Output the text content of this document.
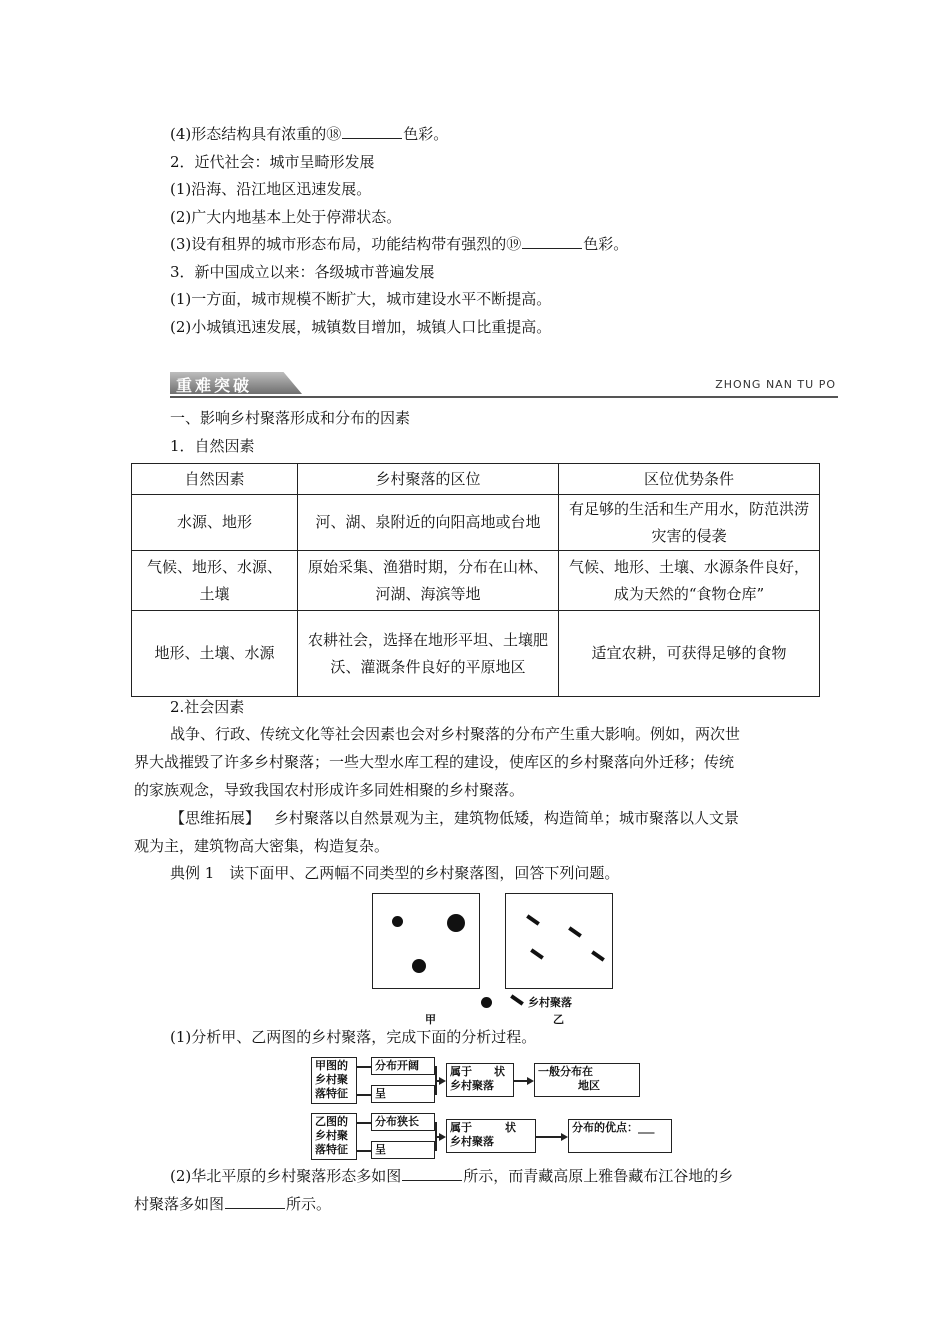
(4)形态结构具有浓重的⑱	色彩。
2．近代社会：城市呈畸形发展
(1)沿海、沿江地区迅速发展。
(2)广大内地基本上处于停滞状态。
(3)设有租界的城市形态布局，功能结构带有强烈的⑲	色彩。
3．新中国成立以来：各级城市普遍发展
(1)一方面，城市规模不断扩大，城市建设水平不断提高。
(2)小城镇迅速发展，城镇数目增加，城镇人口比重提高。
重难突破	ZHONG NAN TU PO
一、影响乡村聚落形成和分布的因素
1．自然因素
自然因素	乡村聚落的区位	区位优势条件
水源、地形	河、湖、泉附近的向阳高地或台地	有足够的生活和生产用水，防范洪涝灾害的侵袭
气候、地形、水源、土壤	原始采集、渔猎时期，分布在山林、河湖、海滨等地	气候、地形、土壤、水源条件良好，成为天然的“食物仓库”
地形、土壤、水源	农耕社会，选择在地形平坦、土壤肥沃、灌溉条件良好的平原地区	适宜农耕，可获得足够的食物
2.社会因素
战争、行政、传统文化等社会因素也会对乡村聚落的分布产生重大影响。例如，两次世
界大战摧毁了许多乡村聚落；一些大型水库工程的建设，使库区的乡村聚落向外迁移；传统
的家族观念，导致我国农村形成许多同姓相聚的乡村聚落。
【思维拓展】 乡村聚落以自然景观为主，建筑物低矮，构造简单；城市聚落以人文景
观为主，建筑物高大密集，构造复杂。
典例 1　读下面甲、乙两幅不同类型的乡村聚落图，回答下列问题。
乡村聚落
甲	乙
(1)分析甲、乙两图的乡村聚落，完成下面的分析过程。
甲图的乡村聚落特征
分布开阔
呈
属于　　状
乡村聚落
一般分布在
地区
乙图的乡村聚落特征
分布狭长
呈
属于　　　状
乡村聚落
分布的优点：___
(2)华北平原的乡村聚落形态多如图	所示，而青藏高原上雅鲁藏布江谷地的乡
村聚落多如图	所示。
